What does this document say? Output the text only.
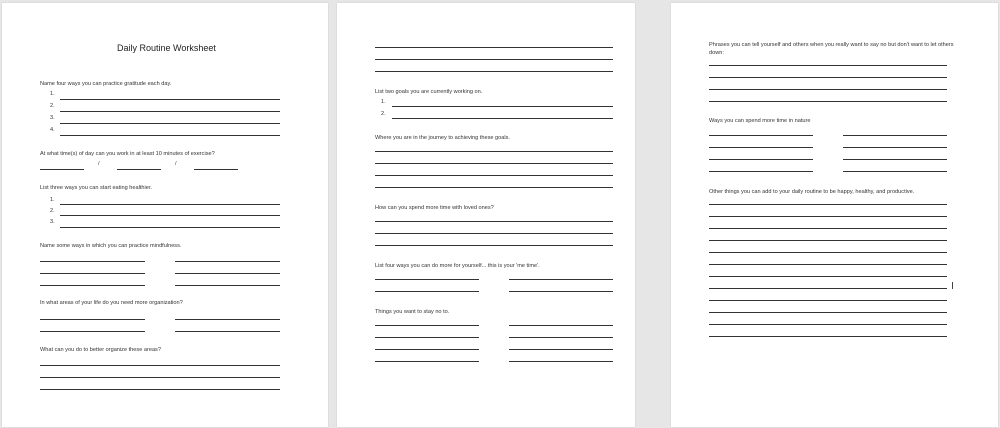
Daily Routine Worksheet
Name four ways you can practice gratitude each day.
1.
2.
3.
4.
At what time(s) of day can you work in at least 10 minutes of exercise?
/	/
List three ways you can start eating healthier.
1.
2.
3.
Name some ways in which you can practice mindfulness.
In what areas of your life do you need more organization?
What can you do to better organize these areas?
List two goals you are currently working on.
1.
2.
Where you are in the journey to achieving these goals.
How can you spend more time with loved ones?
List four ways you can do more for yourself... this is your 'me time'.
Things you want to stay no to.
Phrases you can tell yourself and others when you really want to say no but don't want to let others down:
Ways you can spend more time in nature
Other things you can add to your daily routine to be happy, healthy, and productive.
